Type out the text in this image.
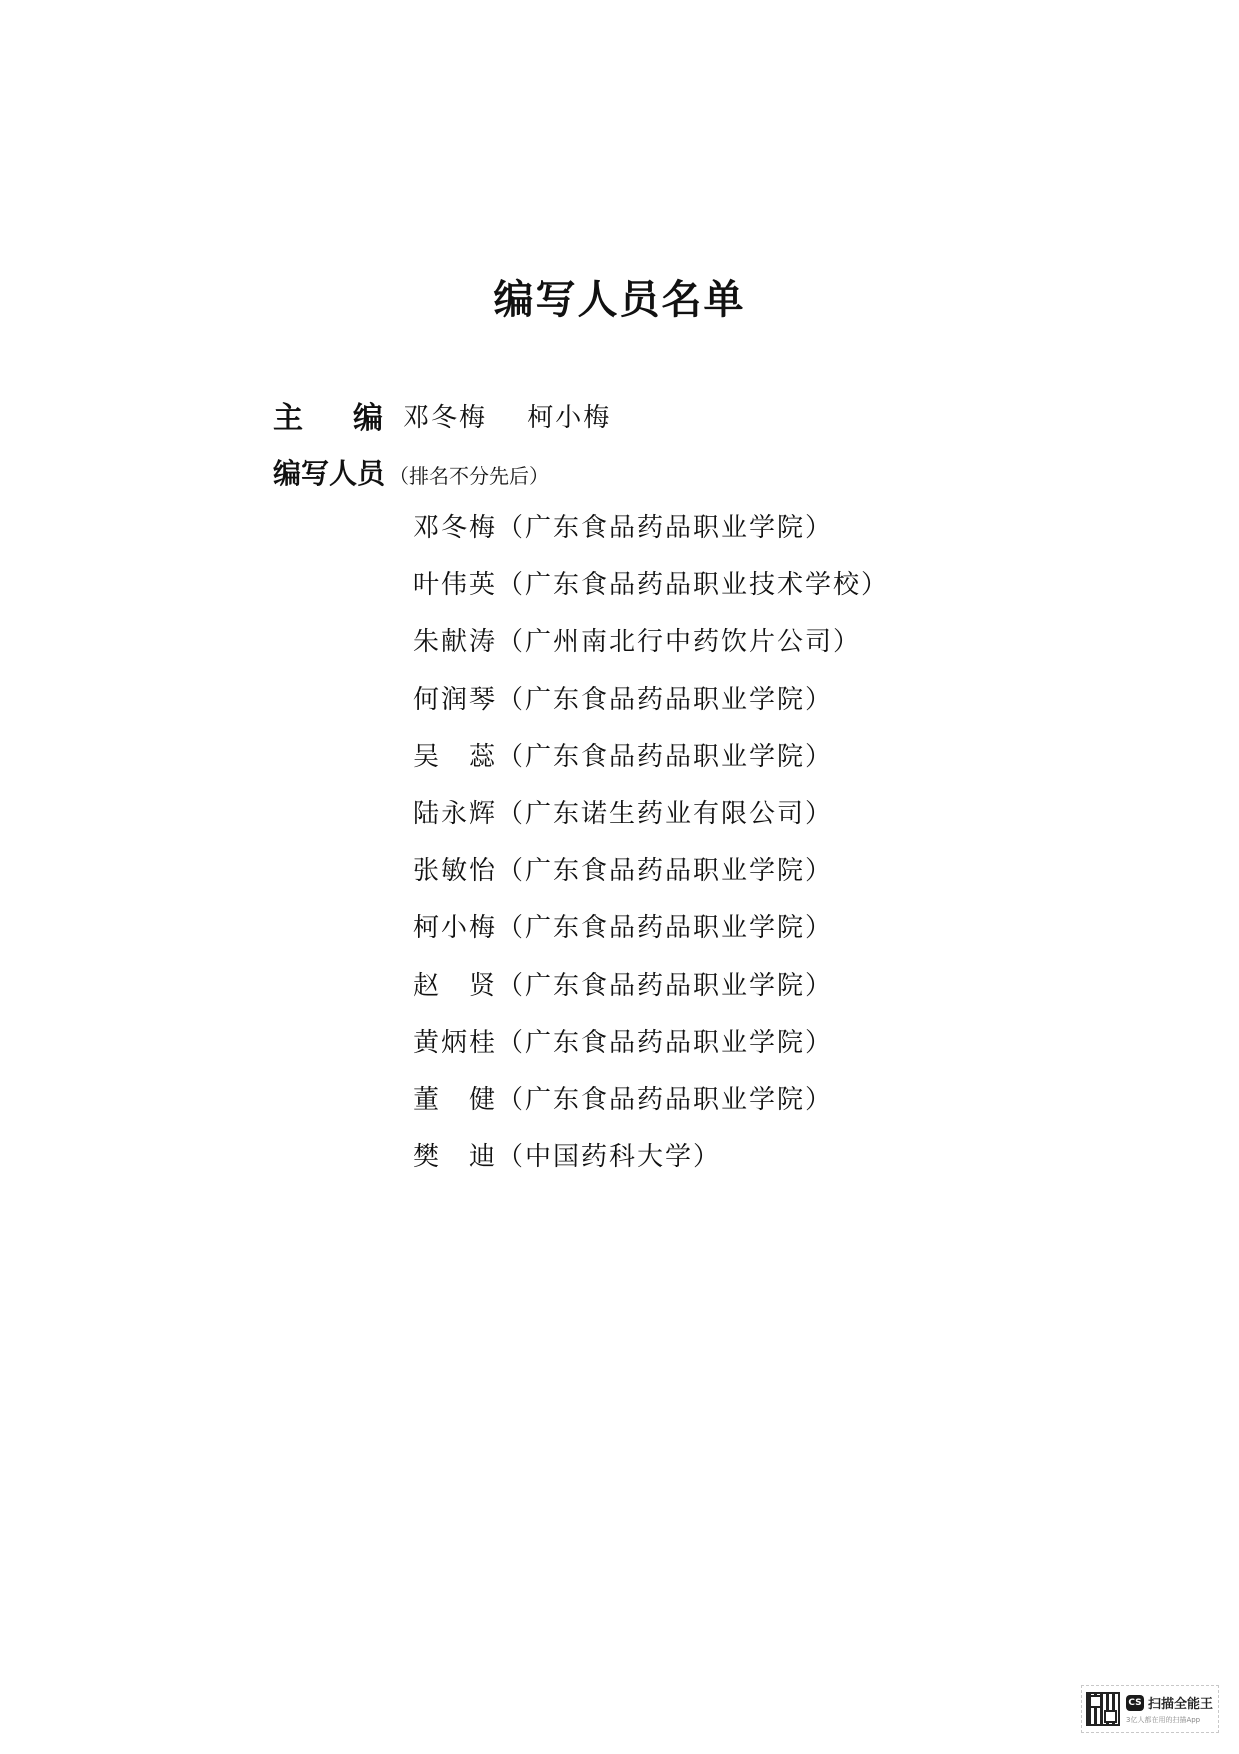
编写人员名单
主 编 邓冬梅 柯小梅
编写人员 （排名不分先后）
邓冬梅（广东食品药品职业学院）
叶伟英（广东食品药品职业技术学校）
朱献涛（广州南北行中药饮片公司）
何润琴（广东食品药品职业学院）
吴　蕊（广东食品药品职业学院）
陆永辉（广东诺生药业有限公司）
张敏怡（广东食品药品职业学院）
柯小梅（广东食品药品职业学院）
赵　贤（广东食品药品职业学院）
黄炳桂（广东食品药品职业学院）
董　健（广东食品药品职业学院）
樊　迪（中国药科大学）
CS 扫描全能王
3亿人都在用的扫描App
